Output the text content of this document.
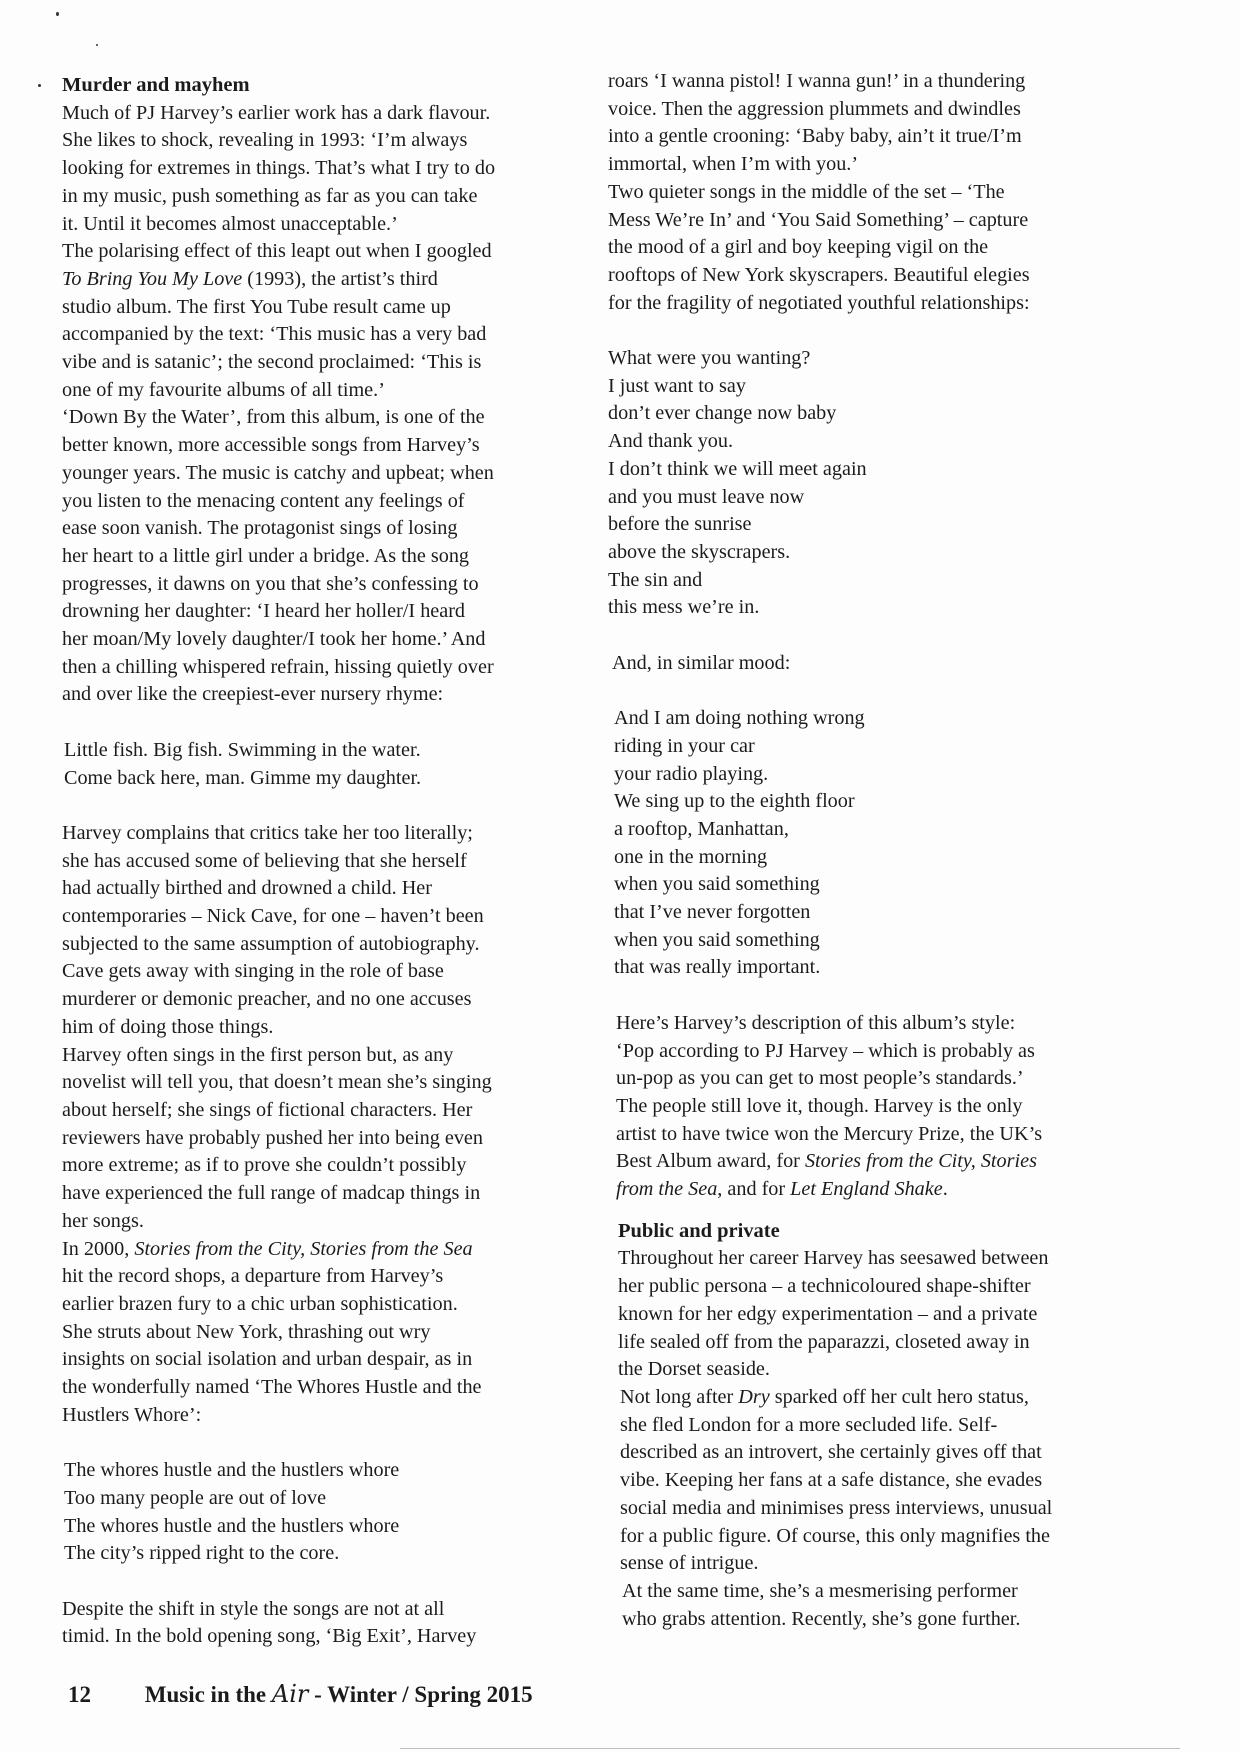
Murder and mayhem

Much of PJ Harvey’s earlier work has a dark flavour.

She likes to shock, revealing in 1993: ‘I’m always

looking for extremes in things. That’s what I try to do

in my music, push something as far as you can take

it. Until it becomes almost unacceptable.’

The polarising effect of this leapt out when I googled

To Bring You My Love (1993), the artist’s third

studio album. The first You Tube result came up

accompanied by the text: ‘This music has a very bad

vibe and is satanic’; the second proclaimed: ‘This is

one of my favourite albums of all time.’

‘Down By the Water’, from this album, is one of the

better known, more accessible songs from Harvey’s

younger years. The music is catchy and upbeat; when

you listen to the menacing content any feelings of

ease soon vanish. The protagonist sings of losing

her heart to a little girl under a bridge. As the song

progresses, it dawns on you that she’s confessing to

drowning her daughter: ‘I heard her holler/I heard

her moan/My lovely daughter/I took her home.’ And

then a chilling whispered refrain, hissing quietly over

and over like the creepiest-ever nursery rhyme:

Little fish. Big fish. Swimming in the water.

Come back here, man. Gimme my daughter.

Harvey complains that critics take her too literally;

she has accused some of believing that she herself

had actually birthed and drowned a child. Her

contemporaries – Nick Cave, for one – haven’t been

subjected to the same assumption of autobiography.

Cave gets away with singing in the role of base

murderer or demonic preacher, and no one accuses

him of doing those things.

Harvey often sings in the first person but, as any

novelist will tell you, that doesn’t mean she’s singing

about herself; she sings of fictional characters. Her

reviewers have probably pushed her into being even

more extreme; as if to prove she couldn’t possibly

have experienced the full range of madcap things in

her songs.

In 2000, Stories from the City, Stories from the Sea

hit the record shops, a departure from Harvey’s

earlier brazen fury to a chic urban sophistication.

She struts about New York, thrashing out wry

insights on social isolation and urban despair, as in

the wonderfully named ‘The Whores Hustle and the

Hustlers Whore’:

The whores hustle and the hustlers whore

Too many people are out of love

The whores hustle and the hustlers whore

The city’s ripped right to the core.

Despite the shift in style the songs are not at all

timid. In the bold opening song, ‘Big Exit’, Harvey

roars ‘I wanna pistol! I wanna gun!’ in a thundering

voice. Then the aggression plummets and dwindles

into a gentle crooning: ‘Baby baby, ain’t it true/I’m

immortal, when I’m with you.’

Two quieter songs in the middle of the set – ‘The

Mess We’re In’ and ‘You Said Something’ – capture

the mood of a girl and boy keeping vigil on the

rooftops of New York skyscrapers. Beautiful elegies

for the fragility of negotiated youthful relationships:

What were you wanting?

I just want to say

don’t ever change now baby

And thank you.

I don’t think we will meet again

and you must leave now

before the sunrise

above the skyscrapers.

The sin and

this mess we’re in.

And, in similar mood:

And I am doing nothing wrong

riding in your car

your radio playing.

We sing up to the eighth floor

a rooftop, Manhattan,

one in the morning

when you said something

that I’ve never forgotten

when you said something

that was really important.

Here’s Harvey’s description of this album’s style:

‘Pop according to PJ Harvey – which is probably as

un-pop as you can get to most people’s standards.’

The people still love it, though. Harvey is the only

artist to have twice won the Mercury Prize, the UK’s

Best Album award, for Stories from the City, Stories

from the Sea, and for Let England Shake.

Public and private

Throughout her career Harvey has seesawed between

her public persona – a technicoloured shape-shifter

known for her edgy experimentation – and a private

life sealed off from the paparazzi, closeted away in

the Dorset seaside.

Not long after Dry sparked off her cult hero status,

she fled London for a more secluded life. Self-

described as an introvert, she certainly gives off that

vibe. Keeping her fans at a safe distance, she evades

social media and minimises press interviews, unusual

for a public figure. Of course, this only magnifies the

sense of intrigue.

At the same time, she’s a mesmerising performer

who grabs attention. Recently, she’s gone further.

12 Music in the Air - Winter / Spring 2015
